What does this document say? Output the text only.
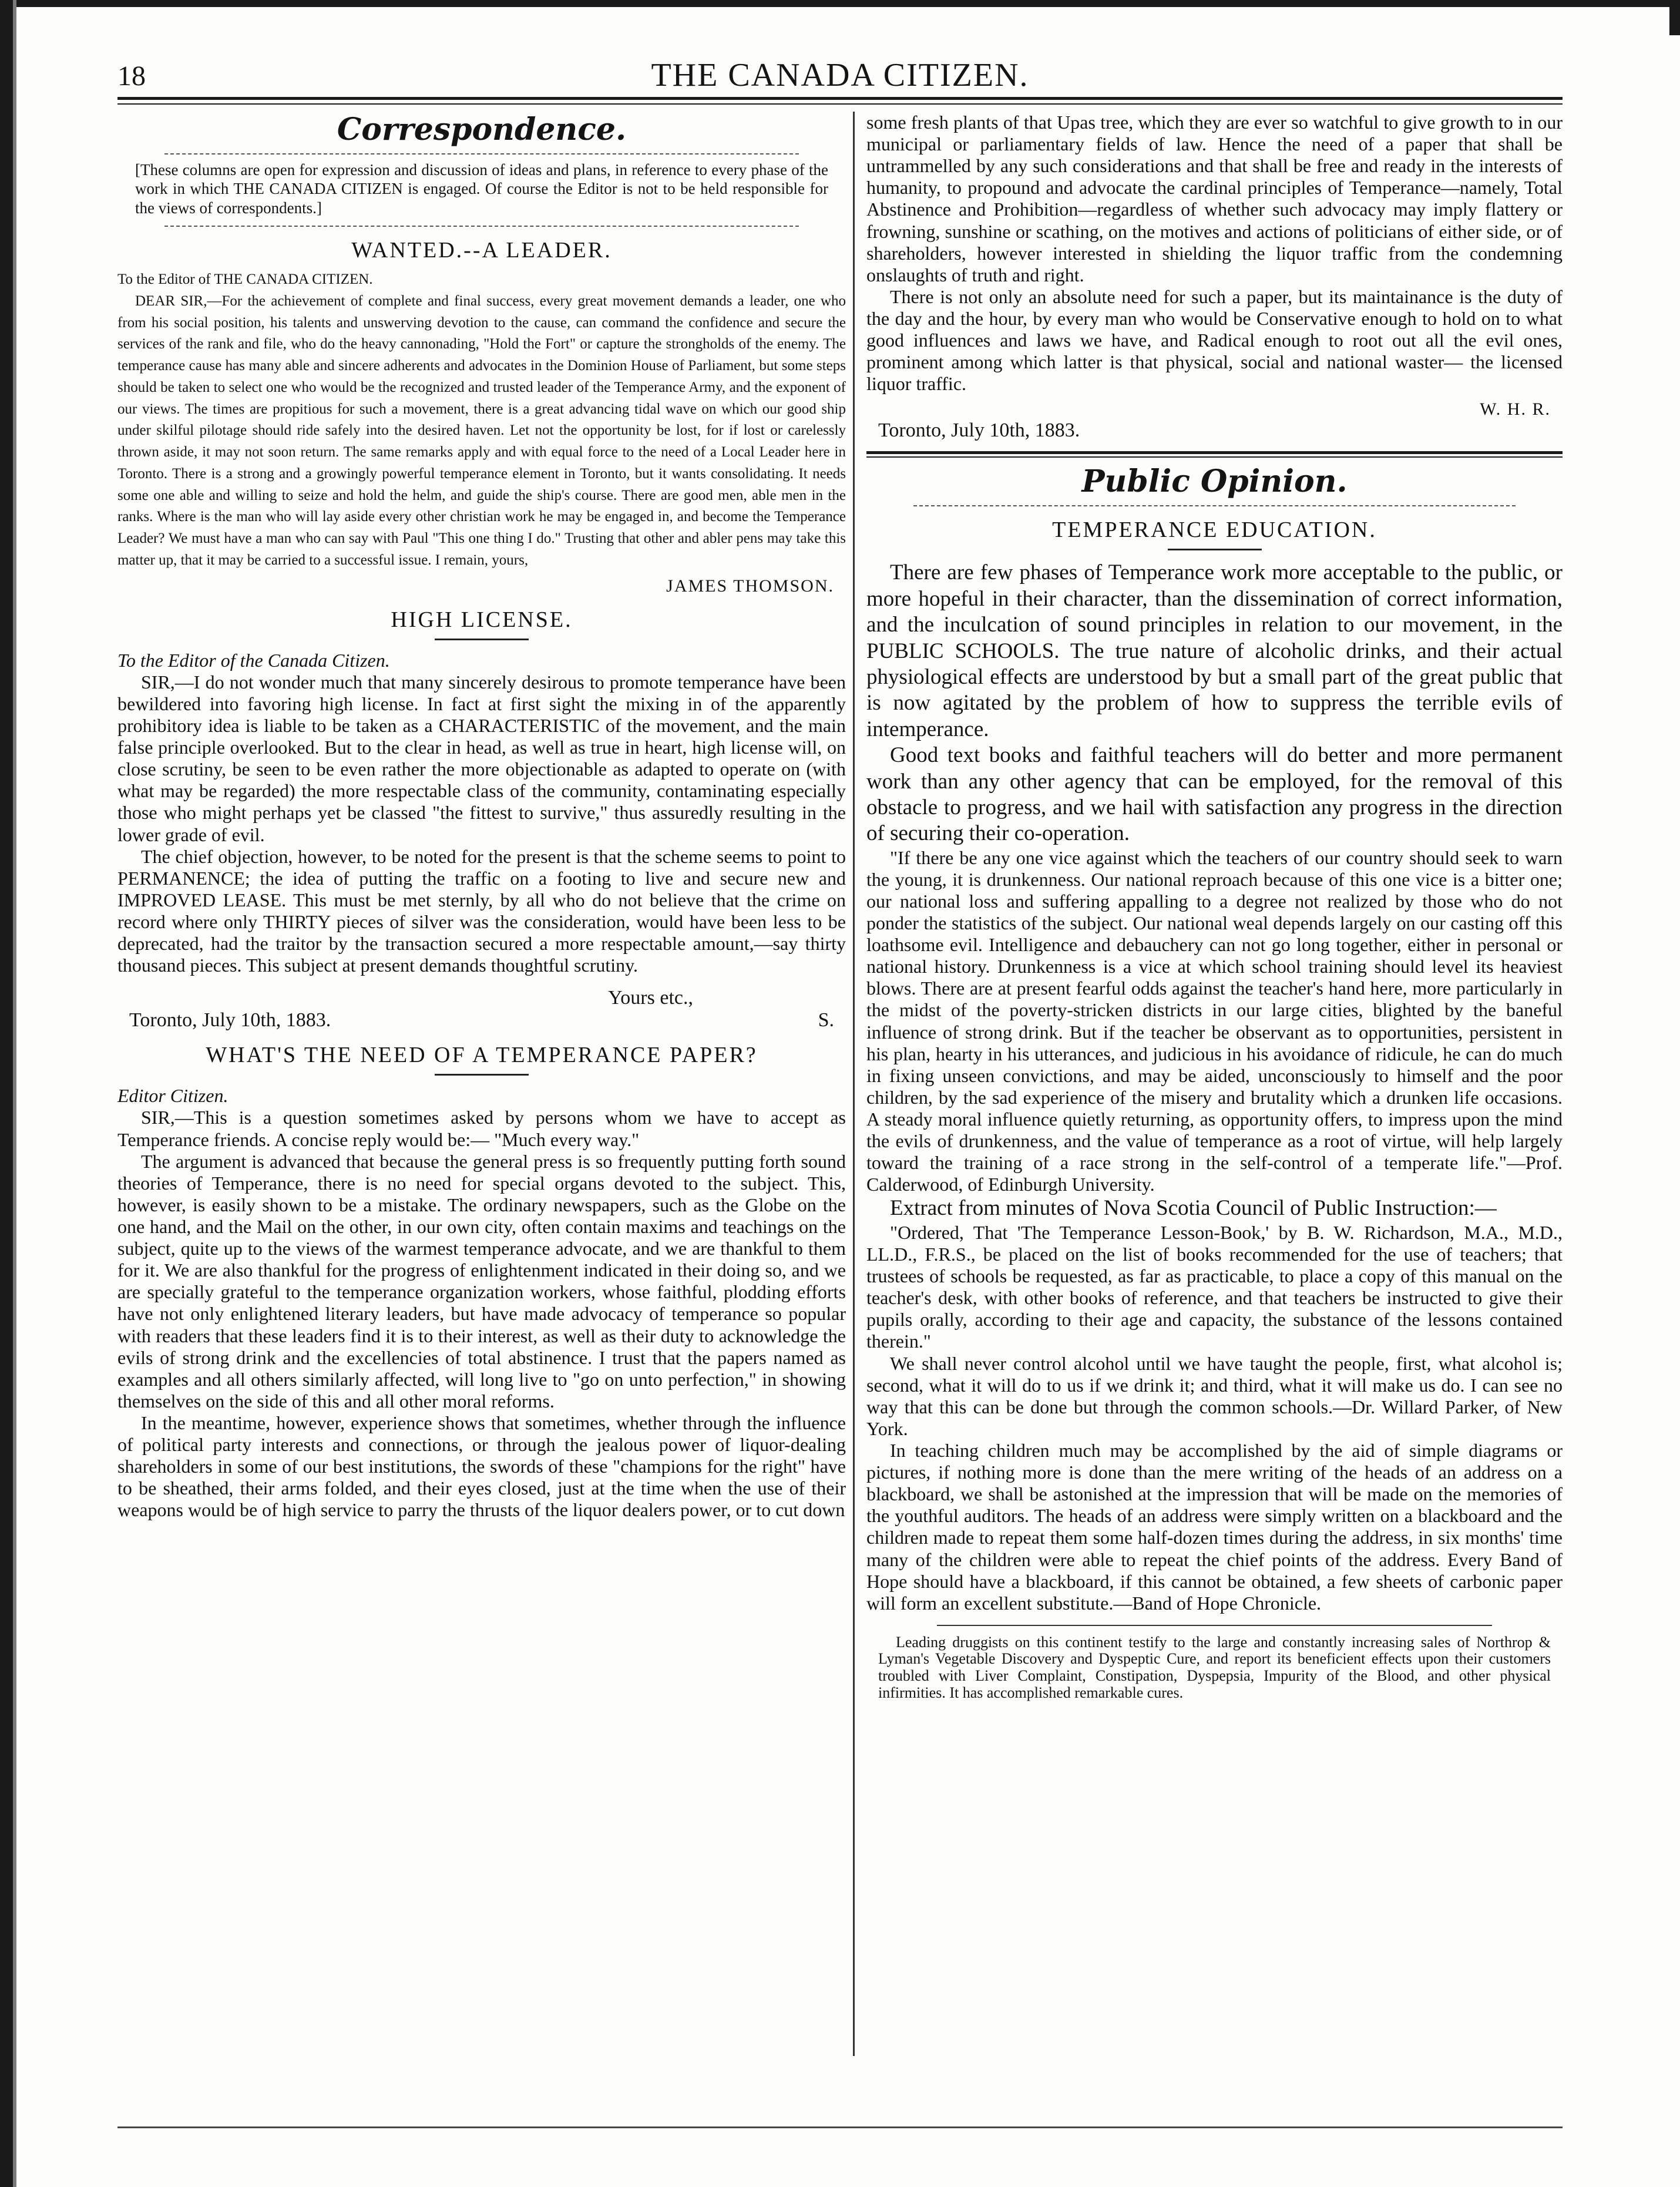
18	THE CANADA CITIZEN.
Correspondence.

[These columns are open for expression and discussion of ideas and plans, in reference to every phase of the work in which THE CANADA CITIZEN is engaged. Of course the Editor is not to be held responsible for the views of correspondents.]

WANTED.--A LEADER.

To the Editor of THE CANADA CITIZEN.

DEAR SIR,—For the achievement of complete and final success, every great movement demands a leader, one who from his social position, his talents and unswerving devotion to the cause, can command the confidence and secure the services of the rank and file, who do the heavy cannonading, "Hold the Fort" or capture the strongholds of the enemy. The temperance cause has many able and sincere adherents and advocates in the Dominion House of Parliament, but some steps should be taken to select one who would be the recognized and trusted leader of the Temperance Army, and the exponent of our views. The times are propitious for such a movement, there is a great advancing tidal wave on which our good ship under skilful pilotage should ride safely into the desired haven. Let not the opportunity be lost, for if lost or carelessly thrown aside, it may not soon return. The same remarks apply and with equal force to the need of a Local Leader here in Toronto. There is a strong and a growingly powerful temperance element in Toronto, but it wants consolidating. It needs some one able and willing to seize and hold the helm, and guide the ship's course. There are good men, able men in the ranks. Where is the man who will lay aside every other christian work he may be engaged in, and become the Temperance Leader? We must have a man who can say with Paul "This one thing I do." Trusting that other and abler pens may take this matter up, that it may be carried to a successful issue. I remain, yours,

JAMES THOMSON.
HIGH LICENSE.

To the Editor of the Canada Citizen.

SIR,—I do not wonder much that many sincerely desirous to promote temperance have been bewildered into favoring high license. In fact at first sight the mixing in of the apparently prohibitory idea is liable to be taken as a CHARACTERISTIC of the movement, and the main false principle overlooked. But to the clear in head, as well as true in heart, high license will, on close scrutiny, be seen to be even rather the more objectionable as adapted to operate on (with what may be regarded) the more respectable class of the community, contaminating especially those who might perhaps yet be classed "the fittest to survive," thus assuredly resulting in the lower grade of evil.

The chief objection, however, to be noted for the present is that the scheme seems to point to PERMANENCE; the idea of putting the traffic on a footing to live and secure new and IMPROVED LEASE. This must be met sternly, by all who do not believe that the crime on record where only THIRTY pieces of silver was the consideration, would have been less to be deprecated, had the traitor by the transaction secured a more respectable amount,—say thirty thousand pieces. This subject at present demands thoughtful scrutiny.

Yours etc.,
Toronto, July 10th, 1883.	S.
WHAT'S THE NEED OF A TEMPERANCE PAPER?

Editor Citizen.

SIR,—This is a question sometimes asked by persons whom we have to accept as Temperance friends. A concise reply would be:— "Much every way."

The argument is advanced that because the general press is so frequently putting forth sound theories of Temperance, there is no need for special organs devoted to the subject. This, however, is easily shown to be a mistake. The ordinary newspapers, such as the Globe on the one hand, and the Mail on the other, in our own city, often contain maxims and teachings on the subject, quite up to the views of the warmest temperance advocate, and we are thankful to them for it. We are also thankful for the progress of enlightenment indicated in their doing so, and we are specially grateful to the temperance organization workers, whose faithful, plodding efforts have not only enlightened literary leaders, but have made advocacy of temperance so popular with readers that these leaders find it is to their interest, as well as their duty to acknowledge the evils of strong drink and the excellencies of total abstinence. I trust that the papers named as examples and all others similarly affected, will long live to "go on unto perfection," in showing themselves on the side of this and all other moral reforms.

In the meantime, however, experience shows that sometimes, whether through the influence of political party interests and connections, or through the jealous power of liquor-dealing shareholders in some of our best institutions, the swords of these "champions for the right" have to be sheathed, their arms folded, and their eyes closed, just at the time when the use of their weapons would be of high service to parry the thrusts of the liquor dealers power, or to cut down

some fresh plants of that Upas tree, which they are ever so watchful to give growth to in our municipal or parliamentary fields of law. Hence the need of a paper that shall be untrammelled by any such considerations and that shall be free and ready in the interests of humanity, to propound and advocate the cardinal principles of Temperance—namely, Total Abstinence and Prohibition—regardless of whether such advocacy may imply flattery or frowning, sunshine or scathing, on the motives and actions of politicians of either side, or of shareholders, however interested in shielding the liquor traffic from the condemning onslaughts of truth and right.

There is not only an absolute need for such a paper, but its maintainance is the duty of the day and the hour, by every man who would be Conservative enough to hold on to what good influences and laws we have, and Radical enough to root out all the evil ones, prominent among which latter is that physical, social and national waster— the licensed liquor traffic.

W. H. R.
Toronto, July 10th, 1883.
Public Opinion.
TEMPERANCE EDUCATION.

There are few phases of Temperance work more acceptable to the public, or more hopeful in their character, than the dissemination of correct information, and the inculcation of sound principles in relation to our movement, in the PUBLIC SCHOOLS. The true nature of alcoholic drinks, and their actual physiological effects are understood by but a small part of the great public that is now agitated by the problem of how to suppress the terrible evils of intemperance.

Good text books and faithful teachers will do better and more permanent work than any other agency that can be employed, for the removal of this obstacle to progress, and we hail with satisfaction any progress in the direction of securing their co-operation.

"If there be any one vice against which the teachers of our country should seek to warn the young, it is drunkenness. Our national reproach because of this one vice is a bitter one; our national loss and suffering appalling to a degree not realized by those who do not ponder the statistics of the subject. Our national weal depends largely on our casting off this loathsome evil. Intelligence and debauchery can not go long together, either in personal or national history. Drunkenness is a vice at which school training should level its heaviest blows. There are at present fearful odds against the teacher's hand here, more particularly in the midst of the poverty-stricken districts in our large cities, blighted by the baneful influence of strong drink. But if the teacher be observant as to opportunities, persistent in his plan, hearty in his utterances, and judicious in his avoidance of ridicule, he can do much in fixing unseen convictions, and may be aided, unconsciously to himself and the poor children, by the sad experience of the misery and brutality which a drunken life occasions. A steady moral influence quietly returning, as opportunity offers, to impress upon the mind the evils of drunkenness, and the value of temperance as a root of virtue, will help largely toward the training of a race strong in the self-control of a temperate life."—Prof. Calderwood, of Edinburgh University.

Extract from minutes of Nova Scotia Council of Public Instruction:—

"Ordered, That 'The Temperance Lesson-Book,' by B. W. Richardson, M.A., M.D., LL.D., F.R.S., be placed on the list of books recommended for the use of teachers; that trustees of schools be requested, as far as practicable, to place a copy of this manual on the teacher's desk, with other books of reference, and that teachers be instructed to give their pupils orally, according to their age and capacity, the substance of the lessons contained therein."

We shall never control alcohol until we have taught the people, first, what alcohol is; second, what it will do to us if we drink it; and third, what it will make us do. I can see no way that this can be done but through the common schools.—Dr. Willard Parker, of New York.

In teaching children much may be accomplished by the aid of simple diagrams or pictures, if nothing more is done than the mere writing of the heads of an address on a blackboard, we shall be astonished at the impression that will be made on the memories of the youthful auditors. The heads of an address were simply written on a blackboard and the children made to repeat them some half-dozen times during the address, in six months' time many of the children were able to repeat the chief points of the address. Every Band of Hope should have a blackboard, if this cannot be obtained, a few sheets of carbonic paper will form an excellent substitute.—Band of Hope Chronicle.

Leading druggists on this continent testify to the large and constantly increasing sales of Northrop & Lyman's Vegetable Discovery and Dyspeptic Cure, and report its beneficient effects upon their customers troubled with Liver Complaint, Constipation, Dyspepsia, Impurity of the Blood, and other physical infirmities. It has accomplished remarkable cures.
